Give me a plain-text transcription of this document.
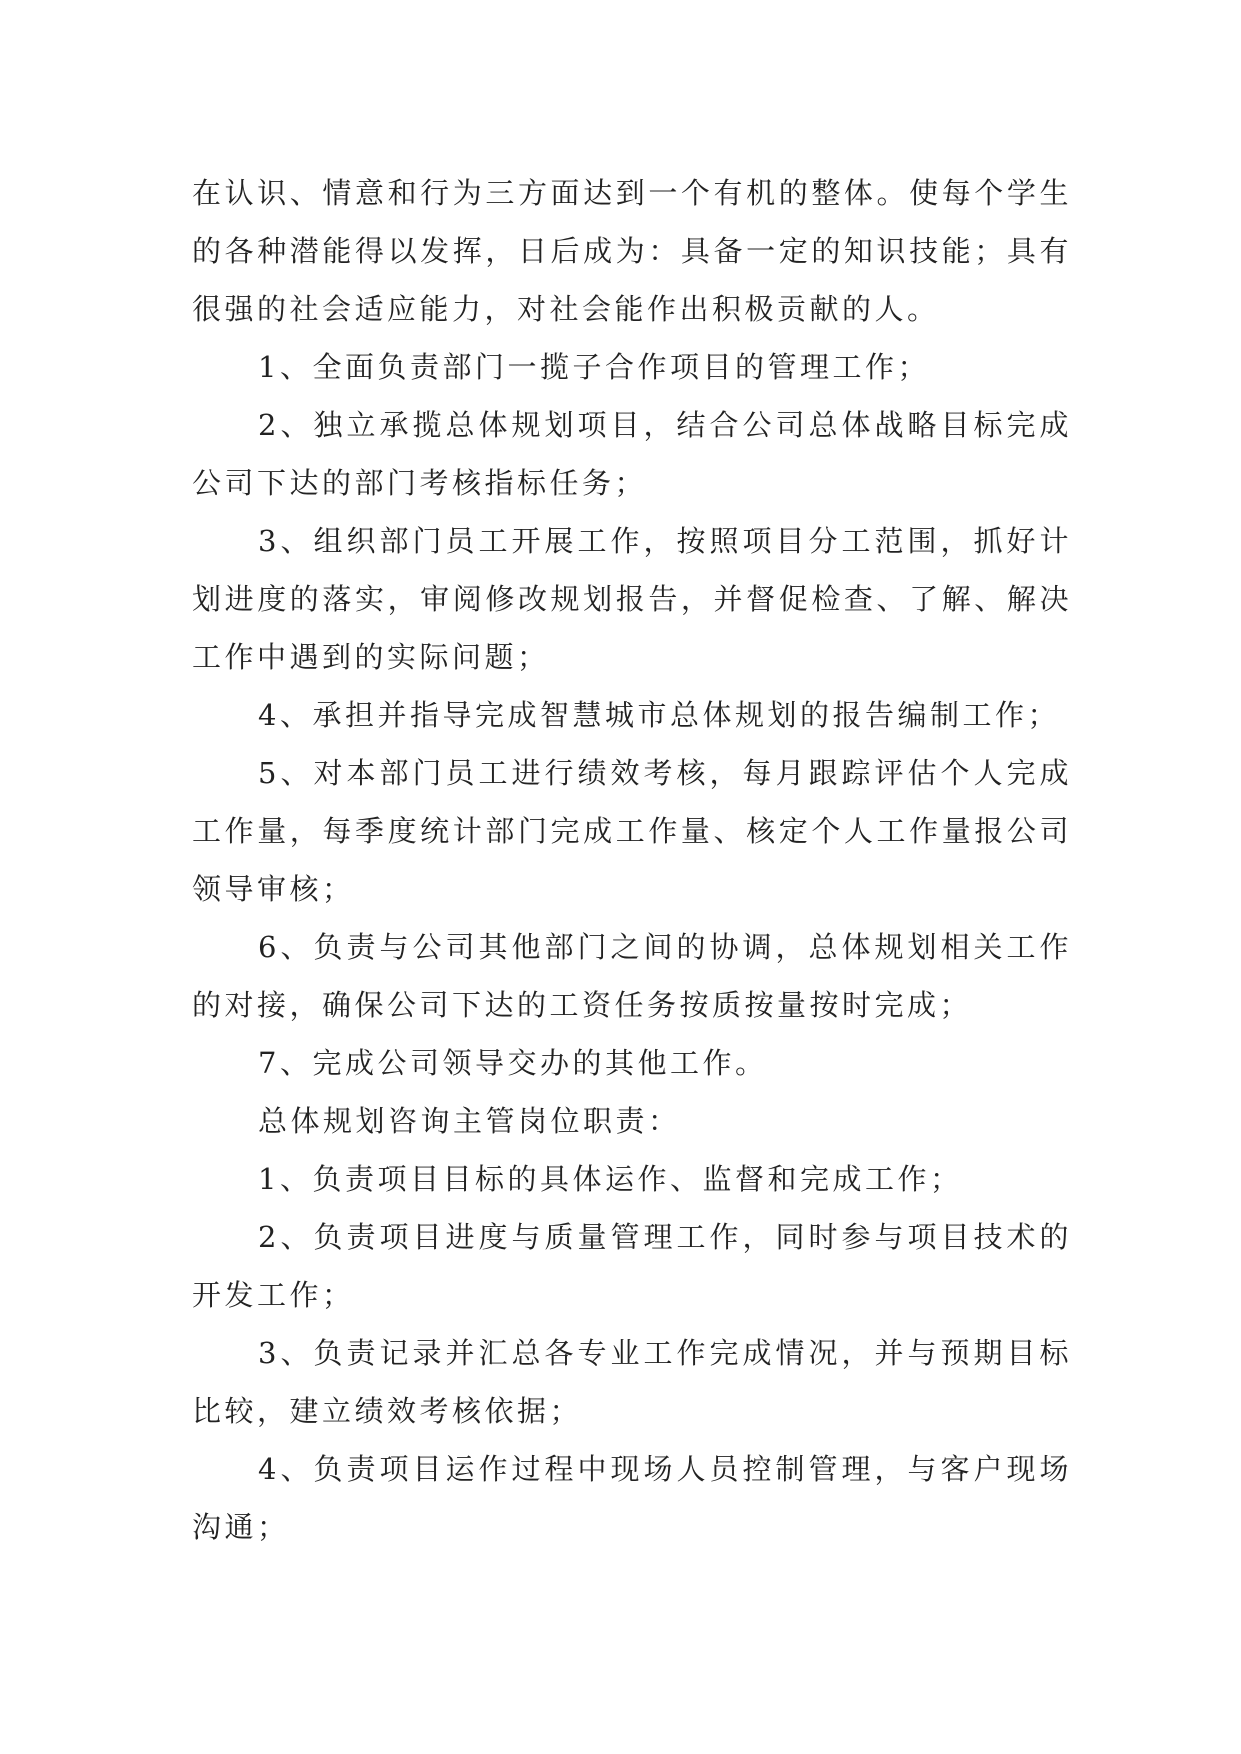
在认识、情意和行为三方面达到一个有机的整体。使每个学生的各种潜能得以发挥，日后成为：具备一定的知识技能；具有很强的社会适应能力，对社会能作出积极贡献的人。

1、全面负责部门一揽子合作项目的管理工作；

2、独立承揽总体规划项目，结合公司总体战略目标完成公司下达的部门考核指标任务；

3、组织部门员工开展工作，按照项目分工范围，抓好计划进度的落实，审阅修改规划报告，并督促检查、了解、解决工作中遇到的实际问题；

4、承担并指导完成智慧城市总体规划的报告编制工作；

5、对本部门员工进行绩效考核，每月跟踪评估个人完成工作量，每季度统计部门完成工作量、核定个人工作量报公司领导审核；

6、负责与公司其他部门之间的协调，总体规划相关工作的对接，确保公司下达的工资任务按质按量按时完成；

7、完成公司领导交办的其他工作。

总体规划咨询主管岗位职责：

1、负责项目目标的具体运作、监督和完成工作；

2、负责项目进度与质量管理工作，同时参与项目技术的开发工作；

3、负责记录并汇总各专业工作完成情况，并与预期目标比较，建立绩效考核依据；

4、负责项目运作过程中现场人员控制管理，与客户现场沟通；
